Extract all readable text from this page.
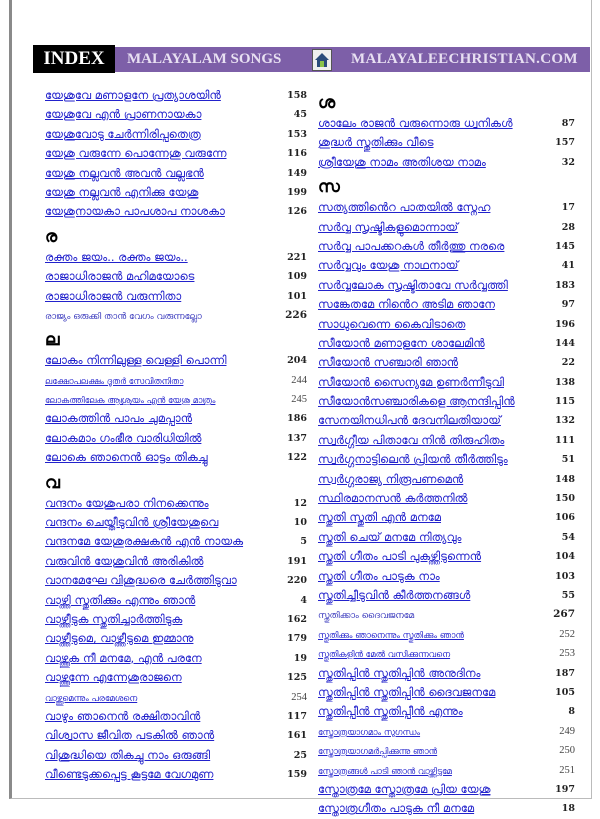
INDEX	MALAYALAM SONGS	MALAYALEECHRISTIAN.COM
യേശുവേ മണാളനേ പ്രത്യാശയിൻ	158
യേശുവേ എൻ പ്രാണനായകാ	45
യേശുവോടു ചേർന്നിരിപ്പതെത്ര	153
യേശു വരുന്നേ പൊന്നേശു വരുന്നേ	116
യേശു നല്ലവൻ അവൻ വല്ലഭൻ	149
യേശു നല്ലവൻ എനിക്കു യേശു	199
യേശുനായകാ പാപശാപ നാശകാ	126
ര
രക്തം ജയം.. രക്തം ജയം..	221
രാജാധിരാജൻ മഹിമയോടെ	109
രാജാധിരാജൻ വരുന്നിതാ	101
രാജ്യം ഒരുക്കി താൻ വേഗം വരുന്നല്ലോ	226
ല
ലോകം നിന്നിലുള്ള വെള്ളി പൊന്നി	204
ലക്ഷോപലക്ഷം ദൂതർ സേവിതനിതാ	244
ലോകത്തിലേക ആശ്രയം എൻ യേശു മാത്രം	245
ലോകത്തിൻ പാപം ചുമപ്പാൻ	186
ലോകമാം ഗംഭീര വാരിധിയിൽ	137
ലോകെ ഞാനെൻ ഓട്ടം തികച്ചു	122
വ
വന്ദനം യേശുപരാ നിനക്കെന്നും	12
വന്ദനം ചെയ്തീടുവിൻ ശ്രീയേശുവെ	10
വന്ദനമേ യേശുരക്ഷകൻ എൻ നായക	5
വരുവിൻ യേശുവിൻ അരികിൽ	191
വാനമേഘേ വിശുദ്ധരെ ചേർത്തിടുവാ	220
വാഴ്ത്തി സ്തുതിക്കും എന്നും ഞാൻ	4
വാഴ്ത്തീടുക സ്തുതിച്ചാർത്തിടുക	162
വാഴ്ത്തീടുമെ, വാഴ്ത്തീടുമെ ഇമ്മാനു	179
വാഴ്ത്തുക നീ മനമേ, എൻ പരനേ	19
വാഴ്ത്തുന്നേ എന്നേശുരാജനെ	125
വാഴ്ത്തുമെന്നും പരമേശനെ	254
വാഴും ഞാനെൻ രക്ഷിതാവിൻ	117
വിശ്വാസ ജീവിത പടകിൽ ഞാൻ	161
വിശുദ്ധിയെ തികച്ചു നാം ഒരുങ്ങി	25
വീണ്ടെടുക്കപ്പെട്ട കൂട്ടമേ വേഗമുണ	159
ശ
ശാലേം രാജൻ വരുന്നൊരു ധ്വനികൾ	87
ശുദ്ധർ സ്തുതിക്കും വീടെ	157
ശ്രീയേശു നാമം അതിശയ നാമം	32
സ
സത്യത്തിൻെറ പാതയിൽ സ്നേഹ	17
സർവ്വ സൃഷ്ടികളുമൊന്നായ്	28
സർവ്വ പാപക്കറകൾ തീർത്തു നരരെ	145
സർവ്വവും യേശു നാഥനായ്	41
സർവ്വലോക സൃഷ്ടിതാവേ സർവ്വത്തി	183
സങ്കേതമേ നിൻെറ അടിമ ഞാനേ	97
സാധുവെന്നെ കൈവിടാതെ	196
സീയോൻ മണാളനേ ശാലേമിൻ	144
സീയോൻ സഞ്ചാരി ഞാൻ	22
സീയോൻ സൈന്യമേ ഉണർന്നീടുവി	138
സീയോൻസഞ്ചാരികളെ ആനന്ദിപ്പിൻ	115
സേനയിനധിപൻ ദേവനിലതിയായ്	132
സ്വർഗ്ഗീയ പിതാവേ നിൻ തിരുഹിതം	111
സ്വർഗ്ഗനാട്ടിലെൻ പ്രിയൻ തീർത്തിടും	51
സ്വർഗ്ഗരാജ്യ നിരൂപണമെൻ	148
സ്ഥിരമാനസൻ കർത്തനിൽ	150
സ്തുതി സ്തുതി എൻ മനമേ	106
സ്തുതി ചെയ്‌ മനമേ നിത്യവും	54
സ്തുതി ഗീതം പാടി പുകഴ്ത്തിടുന്നെൻ	104
സ്തുതി ഗീതം പാടുക നാം	103
സ്തുതിച്ചീടുവിൻ കീർത്തനങ്ങൾ	55
സ്തുതിക്കാം ദൈവജനമേ	267
സ്തുതിക്കും ഞാനെന്നും സ്തുതിക്കും ഞാൻ	252
സ്തുതികളിൻ മേൽ വസിക്കുന്നവനെ	253
സ്തുതിപ്പിൻ സ്തുതിപ്പിൻ അനുദിനം	187
സ്തുതിപ്പിൻ സ്തുതിപ്പിൻ ദൈവജനമേ	105
സ്തുതിപ്പീൻ സ്തുതിപ്പീൻ എന്നും	8
സ്തോത്രയാഗമാം സുഗന്ധം	249
സ്തോത്രയാഗമർപ്പിക്കുന്നു ഞാൻ	250
സ്തോത്രങ്ങൾ പാടി ഞാൻ വാഴ്ത്തിടുമേ	251
സ്തോത്രമേ സ്തോത്രമേ പ്രിയ യേശു	197
സ്തോത്രഗീതം പാടുക നീ മനമേ	18
